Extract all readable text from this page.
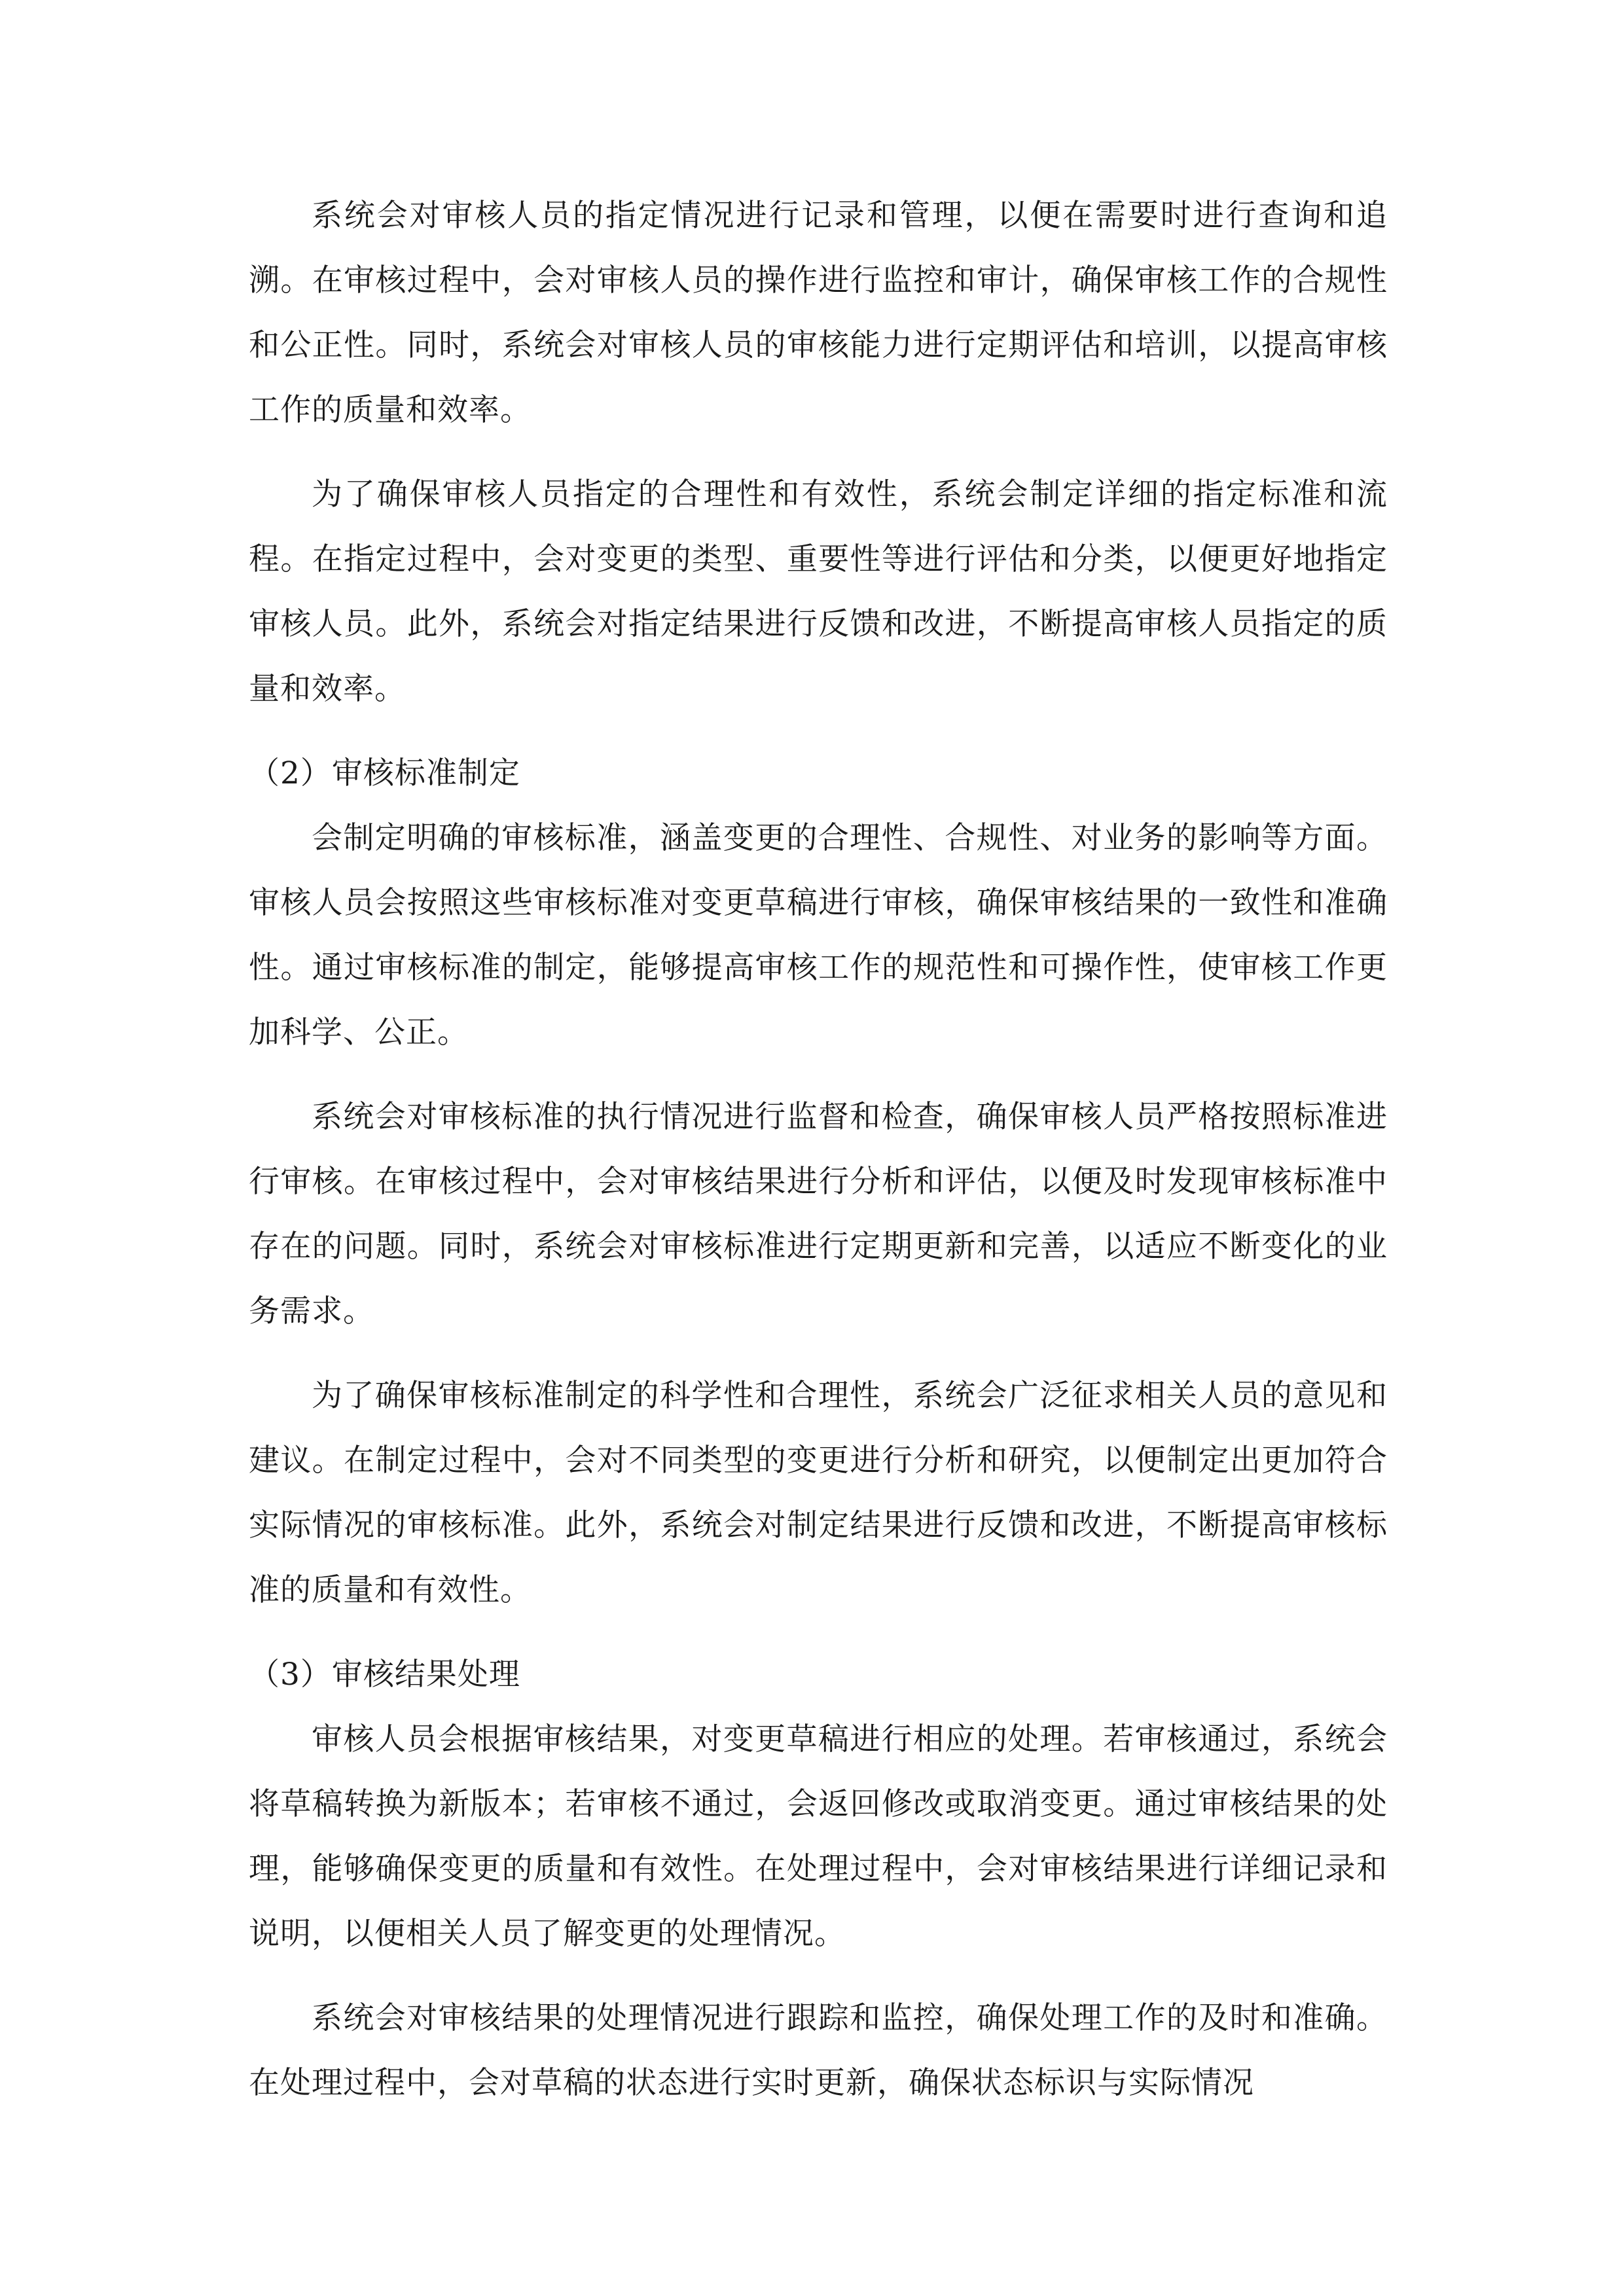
系统会对审核人员的指定情况进行记录和管理，以便在需要时进行查询和追溯。在审核过程中，会对审核人员的操作进行监控和审计，确保审核工作的合规性和公正性。同时，系统会对审核人员的审核能力进行定期评估和培训，以提高审核工作的质量和效率。

为了确保审核人员指定的合理性和有效性，系统会制定详细的指定标准和流程。在指定过程中，会对变更的类型、重要性等进行评估和分类，以便更好地指定审核人员。此外，系统会对指定结果进行反馈和改进，不断提高审核人员指定的质量和效率。

（2）审核标准制定

会制定明确的审核标准，涵盖变更的合理性、合规性、对业务的影响等方面。审核人员会按照这些审核标准对变更草稿进行审核，确保审核结果的一致性和准确性。通过审核标准的制定，能够提高审核工作的规范性和可操作性，使审核工作更加科学、公正。

系统会对审核标准的执行情况进行监督和检查，确保审核人员严格按照标准进行审核。在审核过程中，会对审核结果进行分析和评估，以便及时发现审核标准中存在的问题。同时，系统会对审核标准进行定期更新和完善，以适应不断变化的业务需求。

为了确保审核标准制定的科学性和合理性，系统会广泛征求相关人员的意见和建议。在制定过程中，会对不同类型的变更进行分析和研究，以便制定出更加符合实际情况的审核标准。此外，系统会对制定结果进行反馈和改进，不断提高审核标准的质量和有效性。

（3）审核结果处理

审核人员会根据审核结果，对变更草稿进行相应的处理。若审核通过，系统会将草稿转换为新版本；若审核不通过，会返回修改或取消变更。通过审核结果的处理，能够确保变更的质量和有效性。在处理过程中，会对审核结果进行详细记录和说明，以便相关人员了解变更的处理情况。

系统会对审核结果的处理情况进行跟踪和监控，确保处理工作的及时和准确。在处理过程中，会对草稿的状态进行实时更新，确保状态标识与实际情况
